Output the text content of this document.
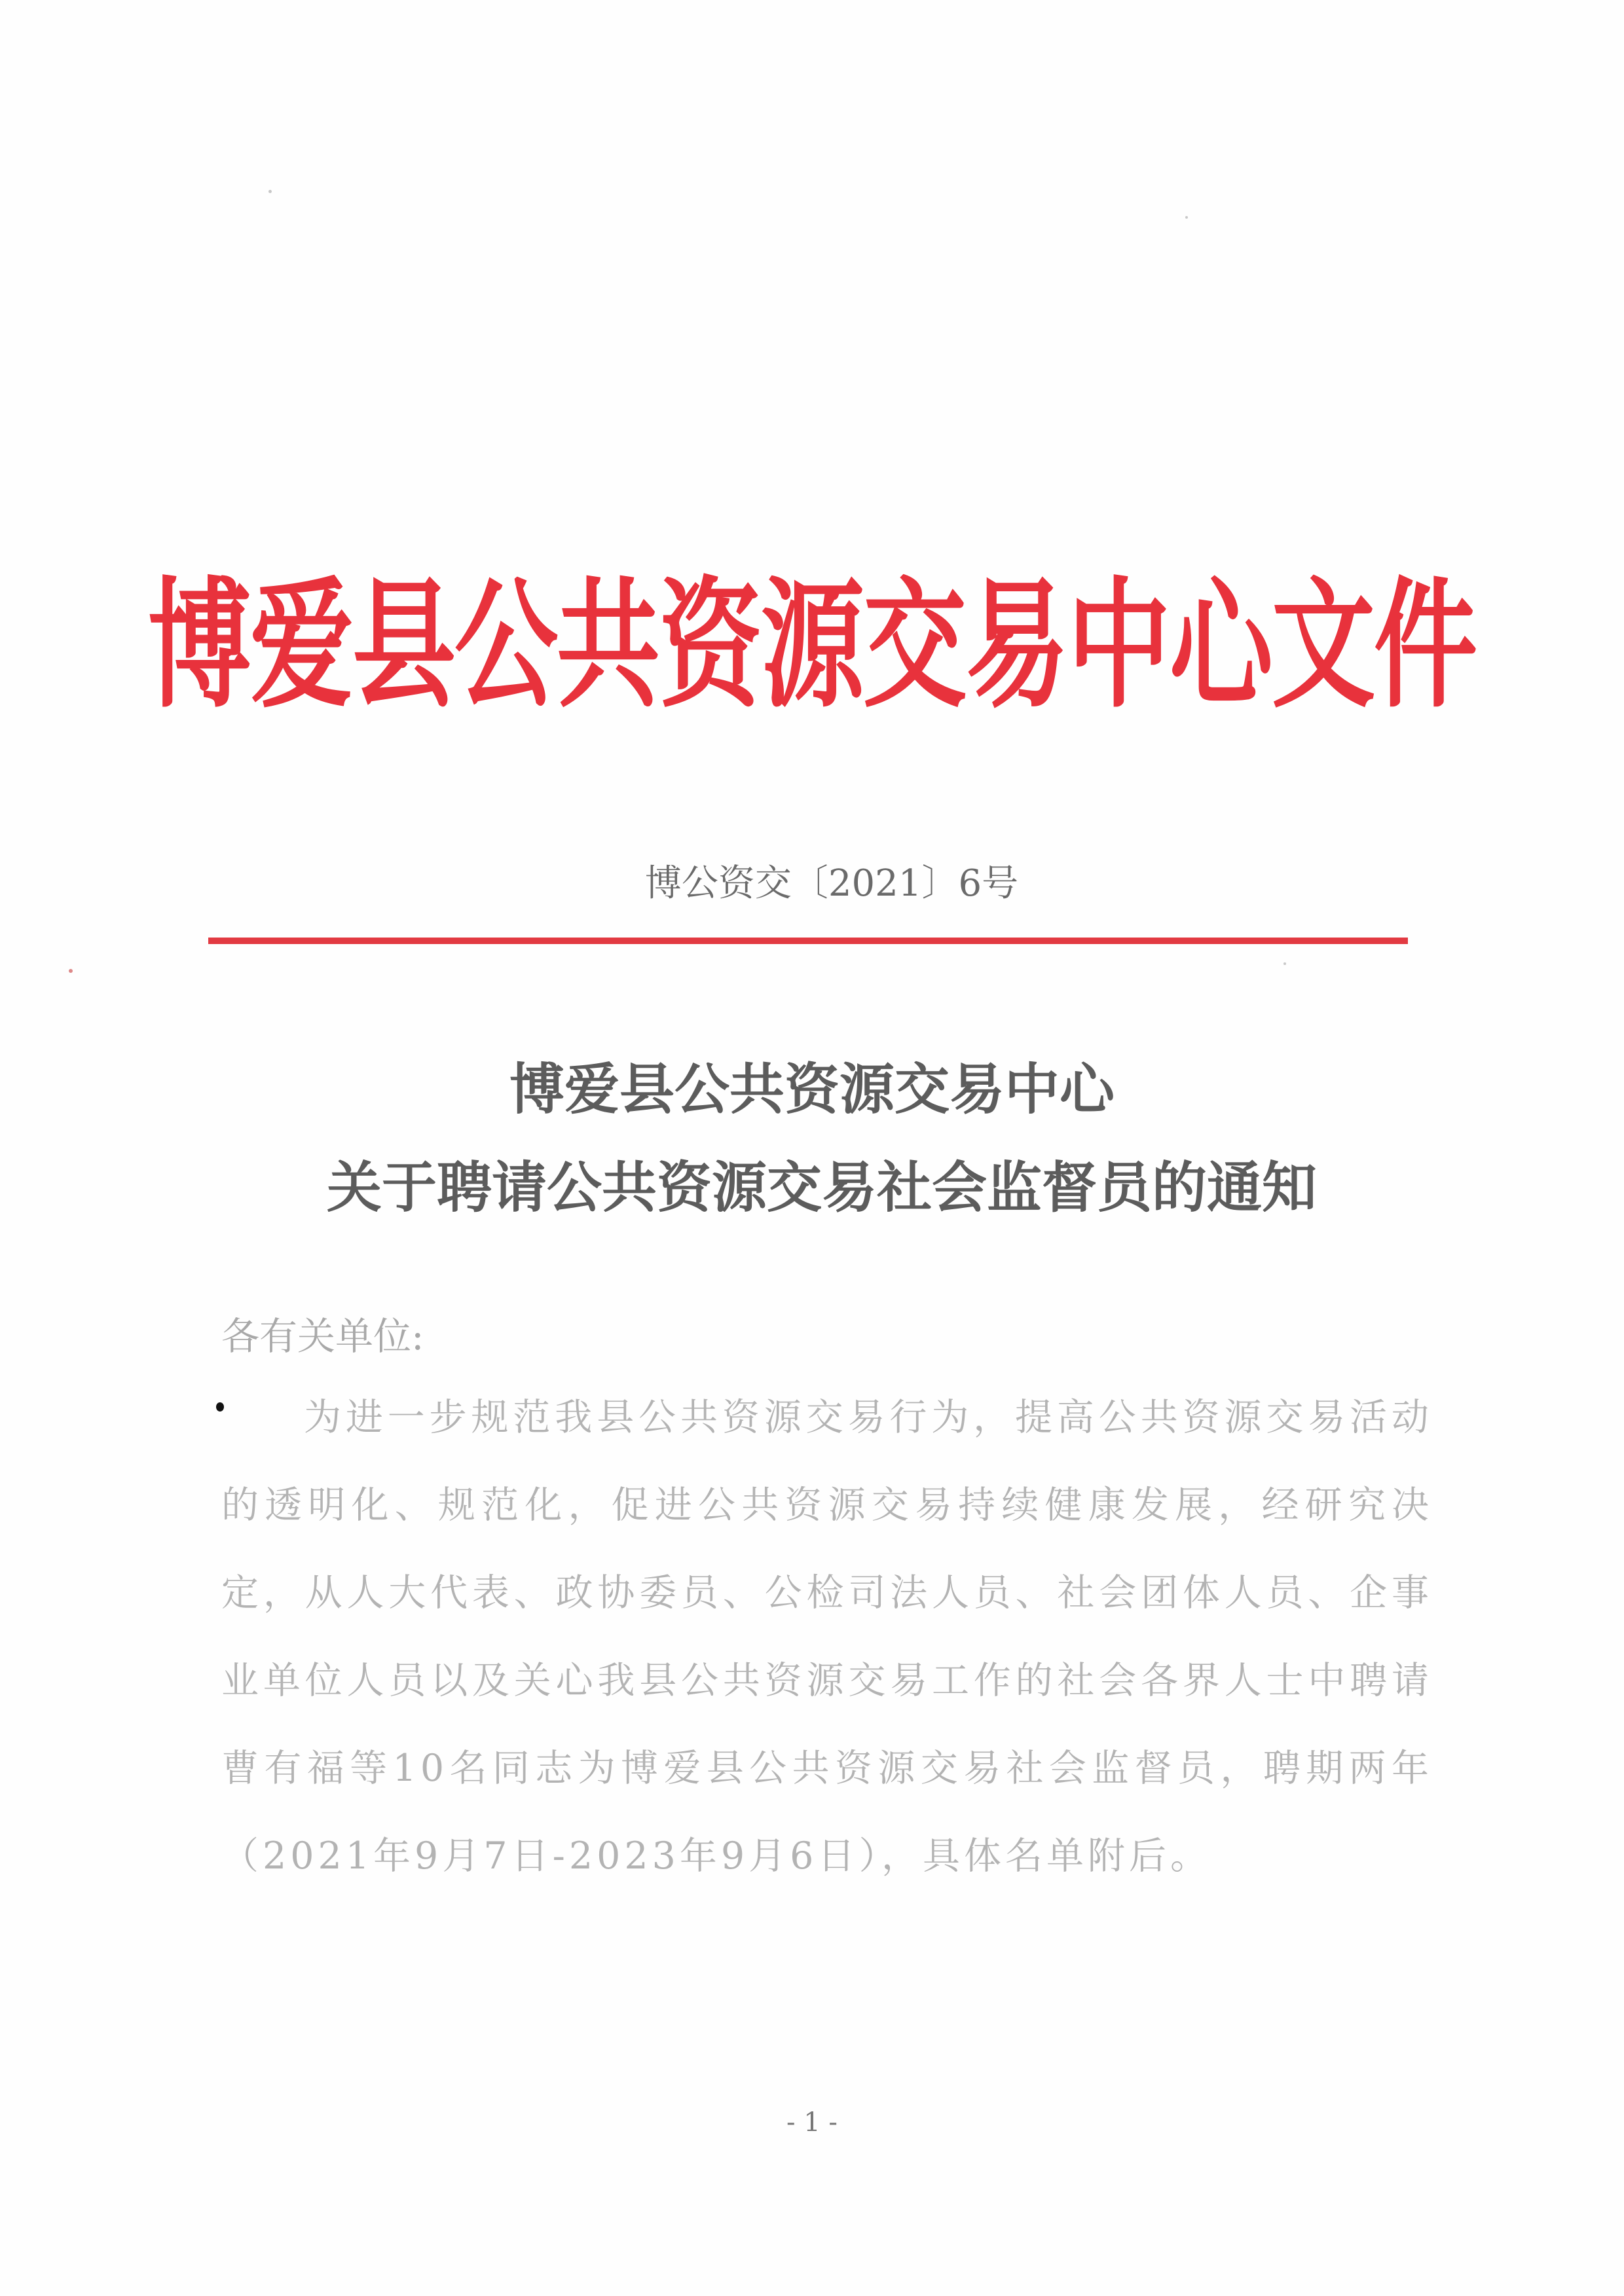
博爱县公共资源交易中心文件
博公资交〔2021〕6号
博爱县公共资源交易中心
关于聘请公共资源交易社会监督员的通知
各有关单位:
为进一步规范我县公共资源交易行为，提高公共资源交易活动的透明化、规范化，促进公共资源交易持续健康发展，经研究决定，从人大代表、政协委员、公检司法人员、社会团体人员、企事业单位人员以及关心我县公共资源交易工作的社会各界人士中聘请曹有福等10名同志为博爱县公共资源交易社会监督员，聘期两年（2021年9月7日-2023年9月6日），具体名单附后。
- 1 -
